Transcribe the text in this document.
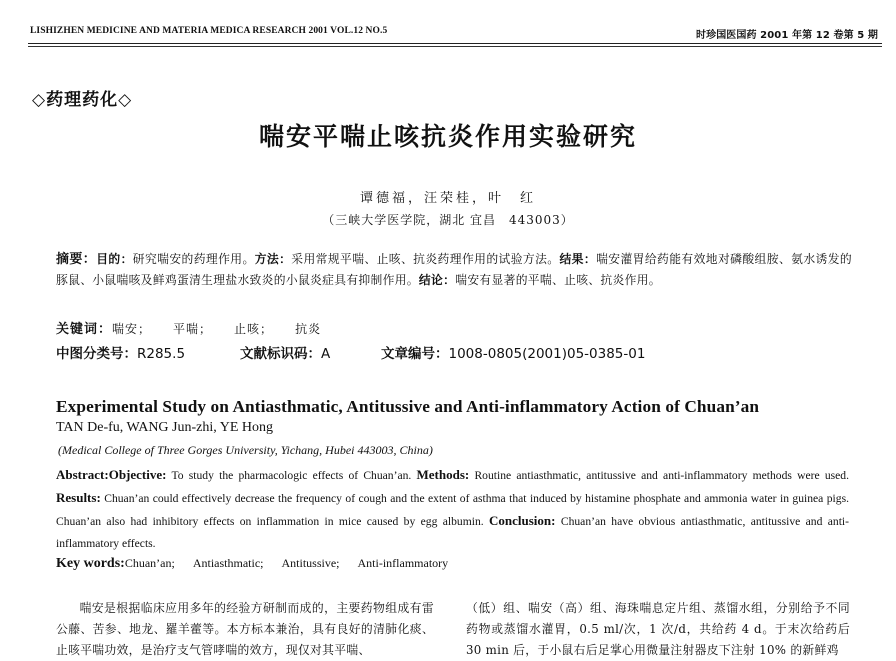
LISHIZHEN MEDICINE AND MATERIA MEDICA RESEARCH 2001 VOL.12 NO.5	时珍国医国药 2001 年第 12 卷第 5 期
◇药理药化◇
喘安平喘止咳抗炎作用实验研究
谭德福，汪荣桂，叶　红
（三峡大学医学院，湖北 宜昌　443003）
摘要：目的：研究喘安的药理作用。方法：采用常规平喘、止咳、抗炎药理作用的试验方法。结果：喘安灌胃给药能有效地对磷酸组胺、氨水诱发的豚鼠、小鼠喘咳及鲜鸡蛋清生理盐水致炎的小鼠炎症具有抑制作用。结论：喘安有显著的平喘、止咳、抗炎作用。
关键词：喘安； 平喘； 止咳； 抗炎
中图分类号：R285.5	文献标识码：A	文章编号：1008-0805(2001)05-0385-01
Experimental Study on Antiasthmatic, Antitussive and Anti-inflammatory Action of Chuan’an
TAN De-fu, WANG Jun-zhi, YE Hong
(Medical College of Three Gorges University, Yichang, Hubei 443003, China)
Abstract:Objective: To study the pharmacologic effects of Chuan’an. Methods: Routine antiasthmatic, antitussive and anti-inflammatory methods were used. Results: Chuan’an could effectively decrease the frequency of cough and the extent of asthma that induced by histamine phosphate and ammonia water in guinea pigs. Chuan’an also had inhibitory effects on inflammation in mice caused by egg albumin. Conclusion: Chuan’an have obvious antiasthmatic, antitussive and anti-inflammatory effects.
Key words:Chuan’an; Antiasthmatic; Antitussive; Anti-inflammatory
喘安是根据临床应用多年的经验方研制而成的，主要药物组成有雷公藤、苦参、地龙、羅羊藿等。本方标本兼治，具有良好的清肺化痰、止咳平喘功效，是治疗支气管哮喘的效方，现仅对其平喘、
（低）组、喘安（高）组、海珠喘息定片组、蒸馏水组，分别给予不同药物或蒸馏水灌胃，0.5 ml/次，1 次/d，共给药 4 d。于末次给药后 30 min 后，于小鼠右后足掌心用微量注射器皮下注射 10% 的新鲜鸡
